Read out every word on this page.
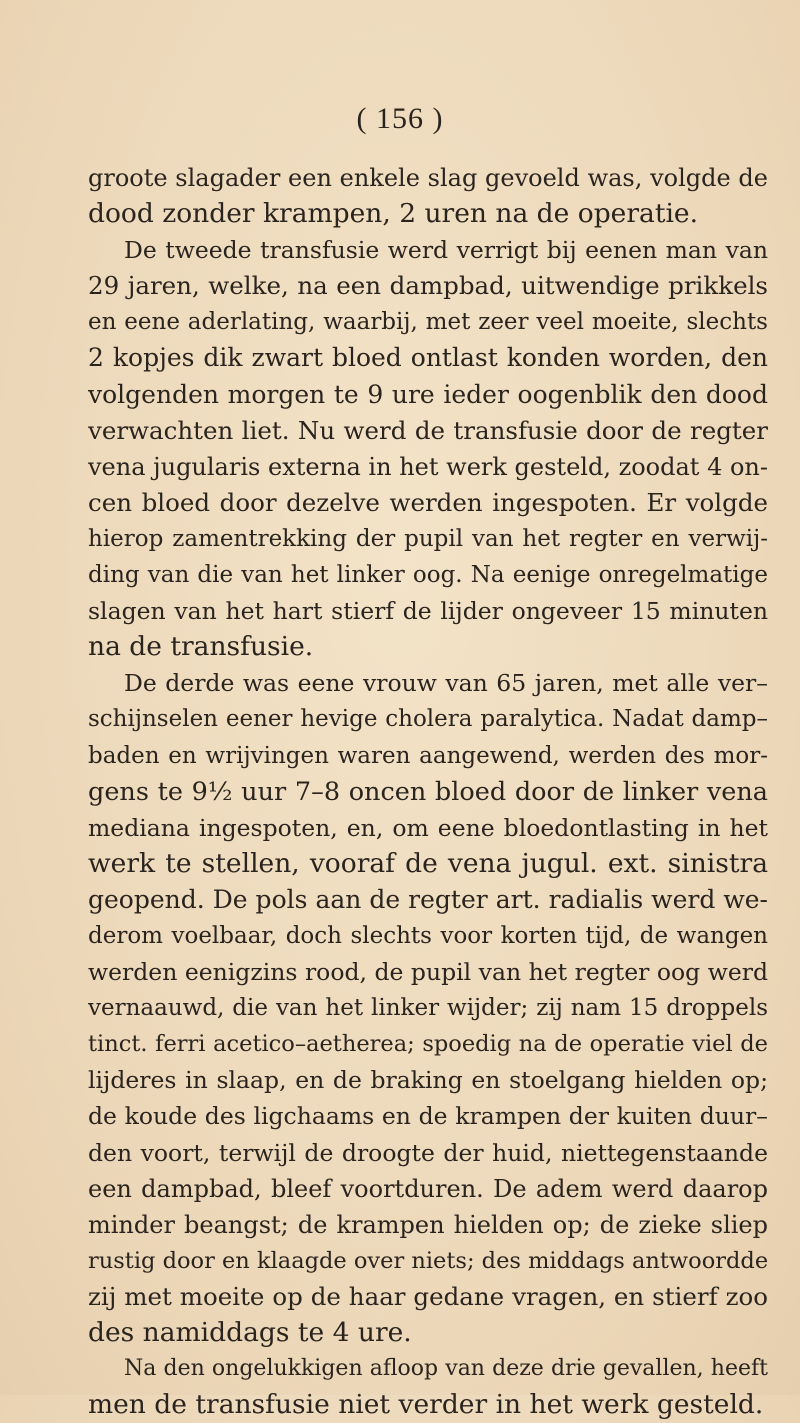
( 156 )
groote slagader een enkele slag gevoeld was, volgde de
dood zonder krampen, 2 uren na de operatie.
De tweede transfusie werd verrigt bij eenen man van
29 jaren, welke, na een dampbad, uitwendige prikkels
en eene aderlating, waarbij, met zeer veel moeite, slechts
2 kopjes dik zwart bloed ontlast konden worden, den
volgenden morgen te 9 ure ieder oogenblik den dood
verwachten liet. Nu werd de transfusie door de regter
vena jugularis externa in het werk gesteld, zoodat 4 on-
cen bloed door dezelve werden ingespoten. Er volgde
hierop zamentrekking der pupil van het regter en verwij-
ding van die van het linker oog. Na eenige onregelmatige
slagen van het hart stierf de lijder ongeveer 15 minuten
na de transfusie.
De derde was eene vrouw van 65 jaren, met alle ver–
schijnselen eener hevige cholera paralytica. Nadat damp–
baden en wrijvingen waren aangewend, werden des mor-
gens te 9½ uur 7–8 oncen bloed door de linker vena
mediana ingespoten, en, om eene bloedontlasting in het
werk te stellen, vooraf de vena jugul. ext. sinistra
geopend. De pols aan de regter art. radialis werd we-
derom voelbaar, doch slechts voor korten tijd, de wangen
werden eenigzins rood, de pupil van het regter oog werd
vernaauwd, die van het linker wijder; zij nam 15 droppels
tinct. ferri acetico–aetherea; spoedig na de operatie viel de
lijderes in slaap, en de braking en stoelgang hielden op;
de koude des ligchaams en de krampen der kuiten duur–
den voort, terwijl de droogte der huid, niettegenstaande
een dampbad, bleef voortduren. De adem werd daarop
minder beangst; de krampen hielden op; de zieke sliep
rustig door en klaagde over niets; des middags antwoordde
zij met moeite op de haar gedane vragen, en stierf zoo
des namiddags te 4 ure.
Na den ongelukkigen afloop van deze drie gevallen, heeft
men de transfusie niet verder in het werk gesteld.
